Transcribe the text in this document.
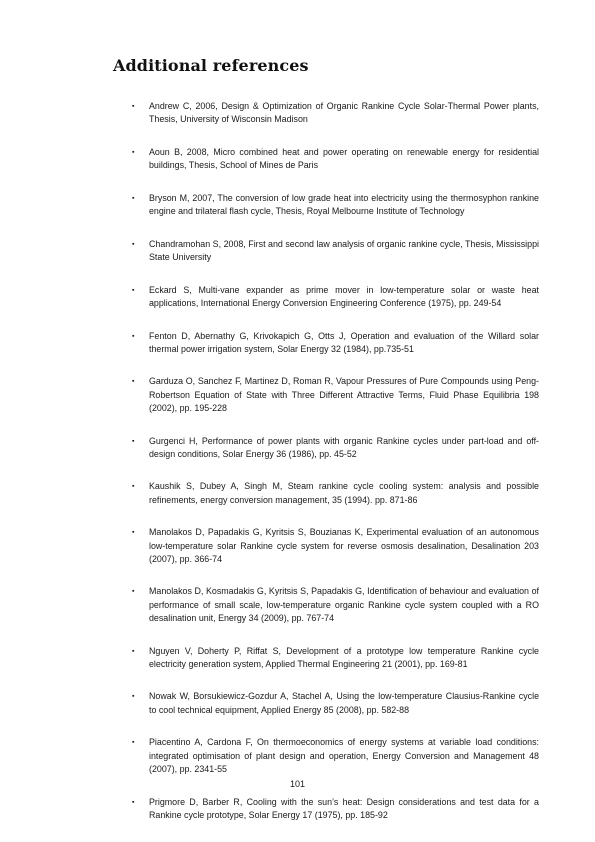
Additional references
▪ Andrew C, 2006, Design & Optimization of Organic Rankine Cycle Solar-Thermal Power plants, Thesis, University of Wisconsin Madison
▪ Aoun B, 2008, Micro combined heat and power operating on renewable energy for residential buildings, Thesis, School of Mines de Paris
▪ Bryson M, 2007, The conversion of low grade heat into electricity using the thermosyphon rankine engine and trilateral flash cycle, Thesis, Royal Melbourne Institute of Technology
▪ Chandramohan S, 2008, First and second law analysis of organic rankine cycle, Thesis, Mississippi State University
▪ Eckard S, Multi-vane expander as prime mover in low-temperature solar or waste heat applications, International Energy Conversion Engineering Conference (1975), pp. 249-54
▪ Fenton D, Abernathy G, Krivokapich G, Otts J, Operation and evaluation of the Willard solar thermal power irrigation system, Solar Energy 32 (1984), pp.735-51
▪ Garduza O, Sanchez F, Martinez D, Roman R, Vapour Pressures of Pure Compounds using Peng-Robertson Equation of State with Three Different Attractive Terms, Fluid Phase Equilibria 198 (2002), pp. 195-228
▪ Gurgenci H, Performance of power plants with organic Rankine cycles under part-load and off-design conditions, Solar Energy 36 (1986), pp. 45-52
▪ Kaushik S, Dubey A, Singh M, Steam rankine cycle cooling system: analysis and possible refinements, energy conversion management, 35 (1994). pp. 871-86
▪ Manolakos D, Papadakis G, Kyritsis S, Bouzianas K, Experimental evaluation of an autonomous low-temperature solar Rankine cycle system for reverse osmosis desalination, Desalination 203 (2007), pp. 366-74
▪ Manolakos D, Kosmadakis G, Kyritsis S, Papadakis G, Identification of behaviour and evaluation of performance of small scale, low-temperature organic Rankine cycle system coupled with a RO desalination unit, Energy 34 (2009), pp. 767-74
▪ Nguyen V, Doherty P, Riffat S, Development of a prototype low temperature Rankine cycle electricity generation system, Applied Thermal Engineering 21 (2001), pp. 169-81
▪ Nowak W, Borsukiewicz-Gozdur A, Stachel A, Using the low-temperature Clausius-Rankine cycle to cool technical equipment, Applied Energy 85 (2008), pp. 582-88
▪ Piacentino A, Cardona F, On thermoeconomics of energy systems at variable load conditions: integrated optimisation of plant design and operation, Energy Conversion and Management 48 (2007), pp. 2341-55
▪ Prigmore D, Barber R, Cooling with the sun’s heat: Design considerations and test data for a Rankine cycle prototype, Solar Energy 17 (1975), pp. 185-92
101
